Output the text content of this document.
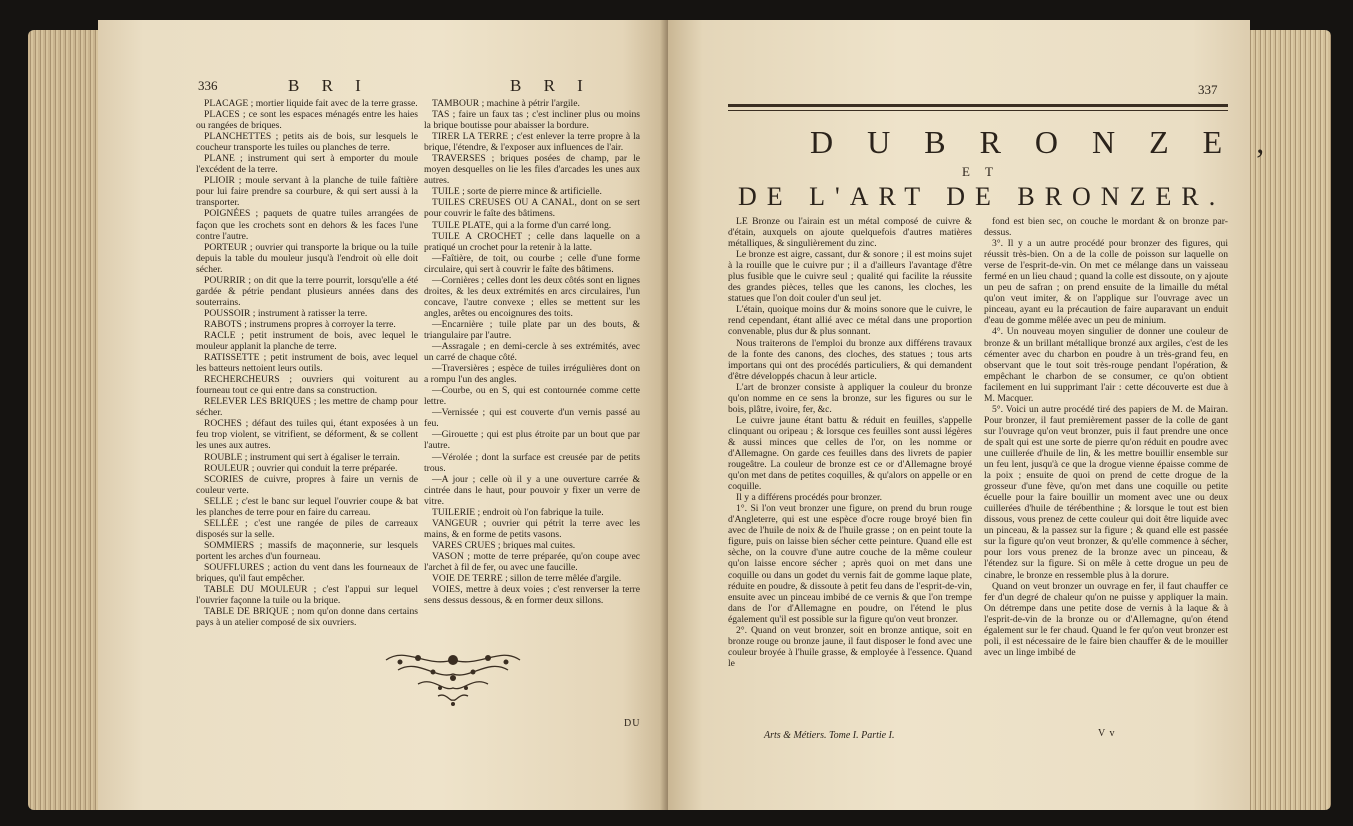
336	B R I	B R I

PLACAGE ; mortier liquide fait avec de la terre grasse.

PLACES ; ce sont les espaces ménagés entre les haies ou rangées de briques.

PLANCHETTES ; petits ais de bois, sur lesquels le coucheur transporte les tuiles ou planches de terre.

PLANE ; instrument qui sert à emporter du moule l'excédent de la terre.

PLIOIR ; moule servant à la planche de tuile faîtière pour lui faire prendre sa courbure, & qui sert aussi à la transporter.

POIGNÉES ; paquets de quatre tuiles arrangées de façon que les crochets sont en dehors & les faces l'une contre l'autre.

PORTEUR ; ouvrier qui transporte la brique ou la tuile depuis la table du mouleur jusqu'à l'endroit où elle doit sécher.

POURRIR ; on dit que la terre pourrit, lorsqu'elle a été gardée & pétrie pendant plusieurs années dans des souterrains.

POUSSOIR ; instrument à ratisser la terre.

RABOTS ; instrumens propres à corroyer la terre.

RACLE ; petit instrument de bois, avec lequel le mouleur applanit la planche de terre.

RATISSETTE ; petit instrument de bois, avec lequel les batteurs nettoient leurs outils.

RECHERCHEURS ; ouvriers qui voiturent au fourneau tout ce qui entre dans sa construction.

RELEVER LES BRIQUES ; les mettre de champ pour sécher.

ROCHES ; défaut des tuiles qui, étant exposées à un feu trop violent, se vitrifient, se déforment, & se collent les unes aux autres.

ROUBLE ; instrument qui sert à égaliser le terrain.

ROULEUR ; ouvrier qui conduit la terre préparée.

SCORIES de cuivre, propres à faire un vernis de couleur verte.

SELLE ; c'est le banc sur lequel l'ouvrier coupe & bat les planches de terre pour en faire du carreau.

SELLÉE ; c'est une rangée de piles de carreaux disposés sur la selle.

SOMMIERS ; massifs de maçonnerie, sur lesquels portent les arches d'un fourneau.

SOUFFLURES ; action du vent dans les fourneaux de briques, qu'il faut empêcher.

TABLE DU MOULEUR ; c'est l'appui sur lequel l'ouvrier façonne la tuile ou la brique.

TABLE DE BRIQUE ; nom qu'on donne dans certains pays à un atelier composé de six ouvriers.

TAMBOUR ; machine à pétrir l'argile.

TAS ; faire un faux tas ; c'est incliner plus ou moins la brique boutisse pour abaisser la bordure.

TIRER LA TERRE ; c'est enlever la terre propre à la brique, l'étendre, & l'exposer aux influences de l'air.

TRAVERSES ; briques posées de champ, par le moyen desquelles on lie les files d'arcades les unes aux autres.

TUILE ; sorte de pierre mince & artificielle.

TUILES CREUSES OU A CANAL, dont on se sert pour couvrir le faîte des bâtimens.

TUILE PLATE, qui a la forme d'un carré long.

TUILE A CROCHET ; celle dans laquelle on a pratiqué un crochet pour la retenir à la latte.

—Faîtière, de toit, ou courbe ; celle d'une forme circulaire, qui sert à couvrir le faîte des bâtimens.

—Cornières ; celles dont les deux côtés sont en lignes droites, & les deux extrémités en arcs circulaires, l'un concave, l'autre convexe ; elles se mettent sur les angles, arêtes ou encoignures des toits.

—Encarnière ; tuile plate par un des bouts, & triangulaire par l'autre.

—Assragale ; en demi-cercle à ses extrémités, avec un carré de chaque côté.

—Traversières ; espèce de tuiles irrégulières dont on a rompu l'un des angles.

—Courbe, ou en S, qui est contournée comme cette lettre.

—Vernissée ; qui est couverte d'un vernis passé au feu.

—Girouette ; qui est plus étroite par un bout que par l'autre.

—Vérolée ; dont la surface est creusée par de petits trous.

—A jour ; celle où il y a une ouverture carrée & cintrée dans le haut, pour pouvoir y fixer un verre de vitre.

TUILERIE ; endroit où l'on fabrique la tuile.

VANGEUR ; ouvrier qui pétrit la terre avec les mains, & en forme de petits vasons.

VARES CRUES ; briques mal cuites.

VASON ; motte de terre préparée, qu'on coupe avec l'archet à fil de fer, ou avec une faucille.

VOIE DE TERRE ; sillon de terre mêlée d'argile.

VOIES, mettre à deux voies ; c'est renverser la terre sens dessus dessous, & en former deux sillons.

DU
337
D U B R O N Z E ,
E T
DE L'ART DE BRONZER.

LE Bronze ou l'airain est un métal composé de cuivre & d'étain, auxquels on ajoute quelquefois d'autres matières métalliques, & singulièrement du zinc.

Le bronze est aigre, cassant, dur & sonore ; il est moins sujet à la rouille que le cuivre pur ; il a d'ailleurs l'avantage d'être plus fusible que le cuivre seul ; qualité qui facilite la réussite des grandes pièces, telles que les canons, les cloches, les statues que l'on doit couler d'un seul jet.

L'étain, quoique moins dur & moins sonore que le cuivre, le rend cependant, étant allié avec ce métal dans une proportion convenable, plus dur & plus sonnant.

Nous traiterons de l'emploi du bronze aux différens travaux de la fonte des canons, des cloches, des statues ; tous arts importans qui ont des procédés particuliers, & qui demandent d'être développés chacun à leur article.

L'art de bronzer consiste à appliquer la couleur du bronze qu'on nomme en ce sens la bronze, sur les figures ou sur le bois, plâtre, ivoire, fer, &c.

Le cuivre jaune étant battu & réduit en feuilles, s'appelle clinquant ou oripeau ; & lorsque ces feuilles sont aussi légères & aussi minces que celles de l'or, on les nomme or d'Allemagne. On garde ces feuilles dans des livrets de papier rougeâtre. La couleur de bronze est ce or d'Allemagne broyé qu'on met dans de petites coquilles, & qu'alors on appelle or en coquille.

Il y a différens procédés pour bronzer.

1°. Si l'on veut bronzer une figure, on prend du brun rouge d'Angleterre, qui est une espèce d'ocre rouge broyé bien fin avec de l'huile de noix & de l'huile grasse ; on en peint toute la figure, puis on laisse bien sécher cette peinture. Quand elle est sèche, on la couvre d'une autre couche de la même couleur qu'on laisse encore sécher ; après quoi on met dans une coquille ou dans un godet du vernis fait de gomme laque plate, réduite en poudre, & dissoute à petit feu dans de l'esprit-de-vin, ensuite avec un pinceau imbibé de ce vernis & que l'on trempe dans de l'or d'Allemagne en poudre, on l'étend le plus également qu'il est possible sur la figure qu'on veut bronzer.

2°. Quand on veut bronzer, soit en bronze antique, soit en bronze rouge ou bronze jaune, il faut disposer le fond avec une couleur broyée à l'huile grasse, & employée à l'essence. Quand le

fond est bien sec, on couche le mordant & on bronze par-dessus.

3°. Il y a un autre procédé pour bronzer des figures, qui réussit très-bien. On a de la colle de poisson sur laquelle on verse de l'esprit-de-vin. On met ce mélange dans un vaisseau fermé en un lieu chaud ; quand la colle est dissoute, on y ajoute un peu de safran ; on prend ensuite de la limaille du métal qu'on veut imiter, & on l'applique sur l'ouvrage avec un pinceau, ayant eu la précaution de faire auparavant un enduit d'eau de gomme mêlée avec un peu de minium.

4°. Un nouveau moyen singulier de donner une couleur de bronze & un brillant métallique bronzé aux argiles, c'est de les cémenter avec du charbon en poudre à un très-grand feu, en observant que le tout soit très-rouge pendant l'opération, & empêchant le charbon de se consumer, ce qu'on obtient facilement en lui supprimant l'air : cette découverte est due à M. Macquer.

5°. Voici un autre procédé tiré des papiers de M. de Mairan. Pour bronzer, il faut premièrement passer de la colle de gant sur l'ouvrage qu'on veut bronzer, puis il faut prendre une once de spalt qui est une sorte de pierre qu'on réduit en poudre avec une cuillerée d'huile de lin, & les mettre bouillir ensemble sur un feu lent, jusqu'à ce que la drogue vienne épaisse comme de la poix ; ensuite de quoi on prend de cette drogue de la grosseur d'une fève, qu'on met dans une coquille ou petite écuelle pour la faire bouillir un moment avec une ou deux cuillerées d'huile de térébenthine ; & lorsque le tout est bien dissous, vous prenez de cette couleur qui doit être liquide avec un pinceau, & la passez sur la figure ; & quand elle est passée sur la figure qu'on veut bronzer, & qu'elle commence à sécher, pour lors vous prenez de la bronze avec un pinceau, & l'étendez sur la figure. Si on mêle à cette drogue un peu de cinabre, le bronze en ressemble plus à la dorure.

Quand on veut bronzer un ouvrage en fer, il faut chauffer ce fer d'un degré de chaleur qu'on ne puisse y appliquer la main. On détrempe dans une petite dose de vernis à la laque & à l'esprit-de-vin de la bronze ou or d'Allemagne, qu'on étend également sur le fer chaud. Quand le fer qu'on veut bronzer est poli, il est nécessaire de le faire bien chauffer & de le mouiller avec un linge imbibé de

Arts & Métiers. Tome I. Partie I.	V v
